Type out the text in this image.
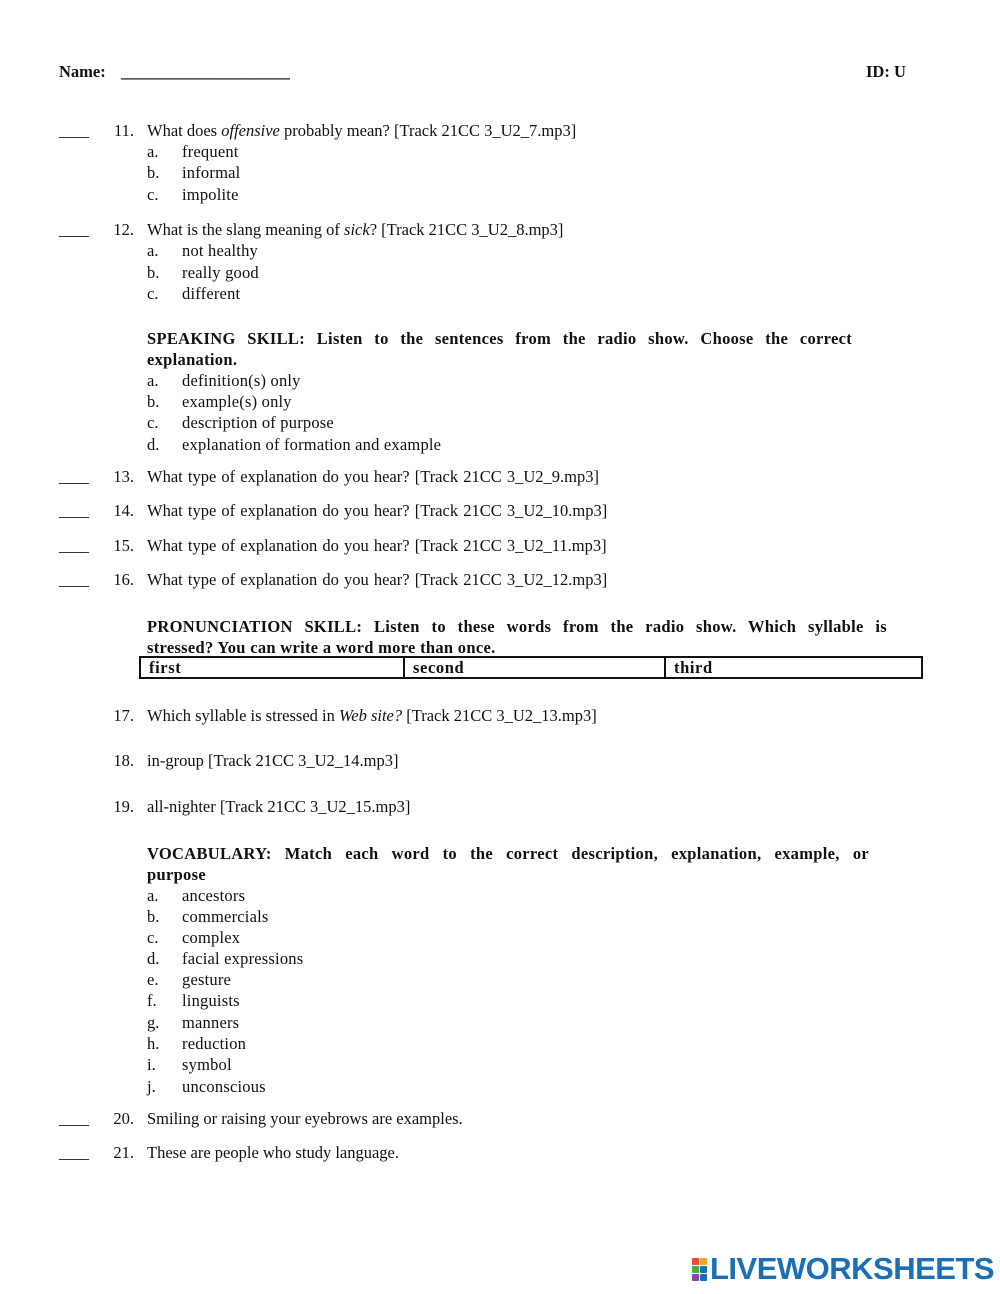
Name: ______________________	ID: U
____	11. What does offensive probably mean? [Track 21CC 3_U2_7.mp3]
a. frequent
b. informal
c. impolite
____	12. What is the slang meaning of sick? [Track 21CC 3_U2_8.mp3]
a. not healthy
b. really good
c. different
SPEAKING SKILL: Listen to the sentences from the radio show. Choose the correct
explanation.
a. definition(s) only
b. example(s) only
c. description of purpose
d. explanation of formation and example
____	13. What type of explanation do you hear? [Track 21CC 3_U2_9.mp3]
____	14. What type of explanation do you hear? [Track 21CC 3_U2_10.mp3]
____	15. What type of explanation do you hear? [Track 21CC 3_U2_11.mp3]
____	16. What type of explanation do you hear? [Track 21CC 3_U2_12.mp3]
PRONUNCIATION SKILL: Listen to these words from the radio show. Which syllable is
stressed? You can write a word more than once.
first	second	third
17. Which syllable is stressed in Web site? [Track 21CC 3_U2_13.mp3]
18. in-group [Track 21CC 3_U2_14.mp3]
19. all-nighter [Track 21CC 3_U2_15.mp3]
VOCABULARY: Match each word to the correct description, explanation, example, or
purpose
a. ancestors
b. commercials
c. complex
d. facial expressions
e. gesture
f. linguists
g. manners
h. reduction
i. symbol
j. unconscious
____	20. Smiling or raising your eyebrows are examples.
____	21. These are people who study language.
LIVEWORKSHEETS
